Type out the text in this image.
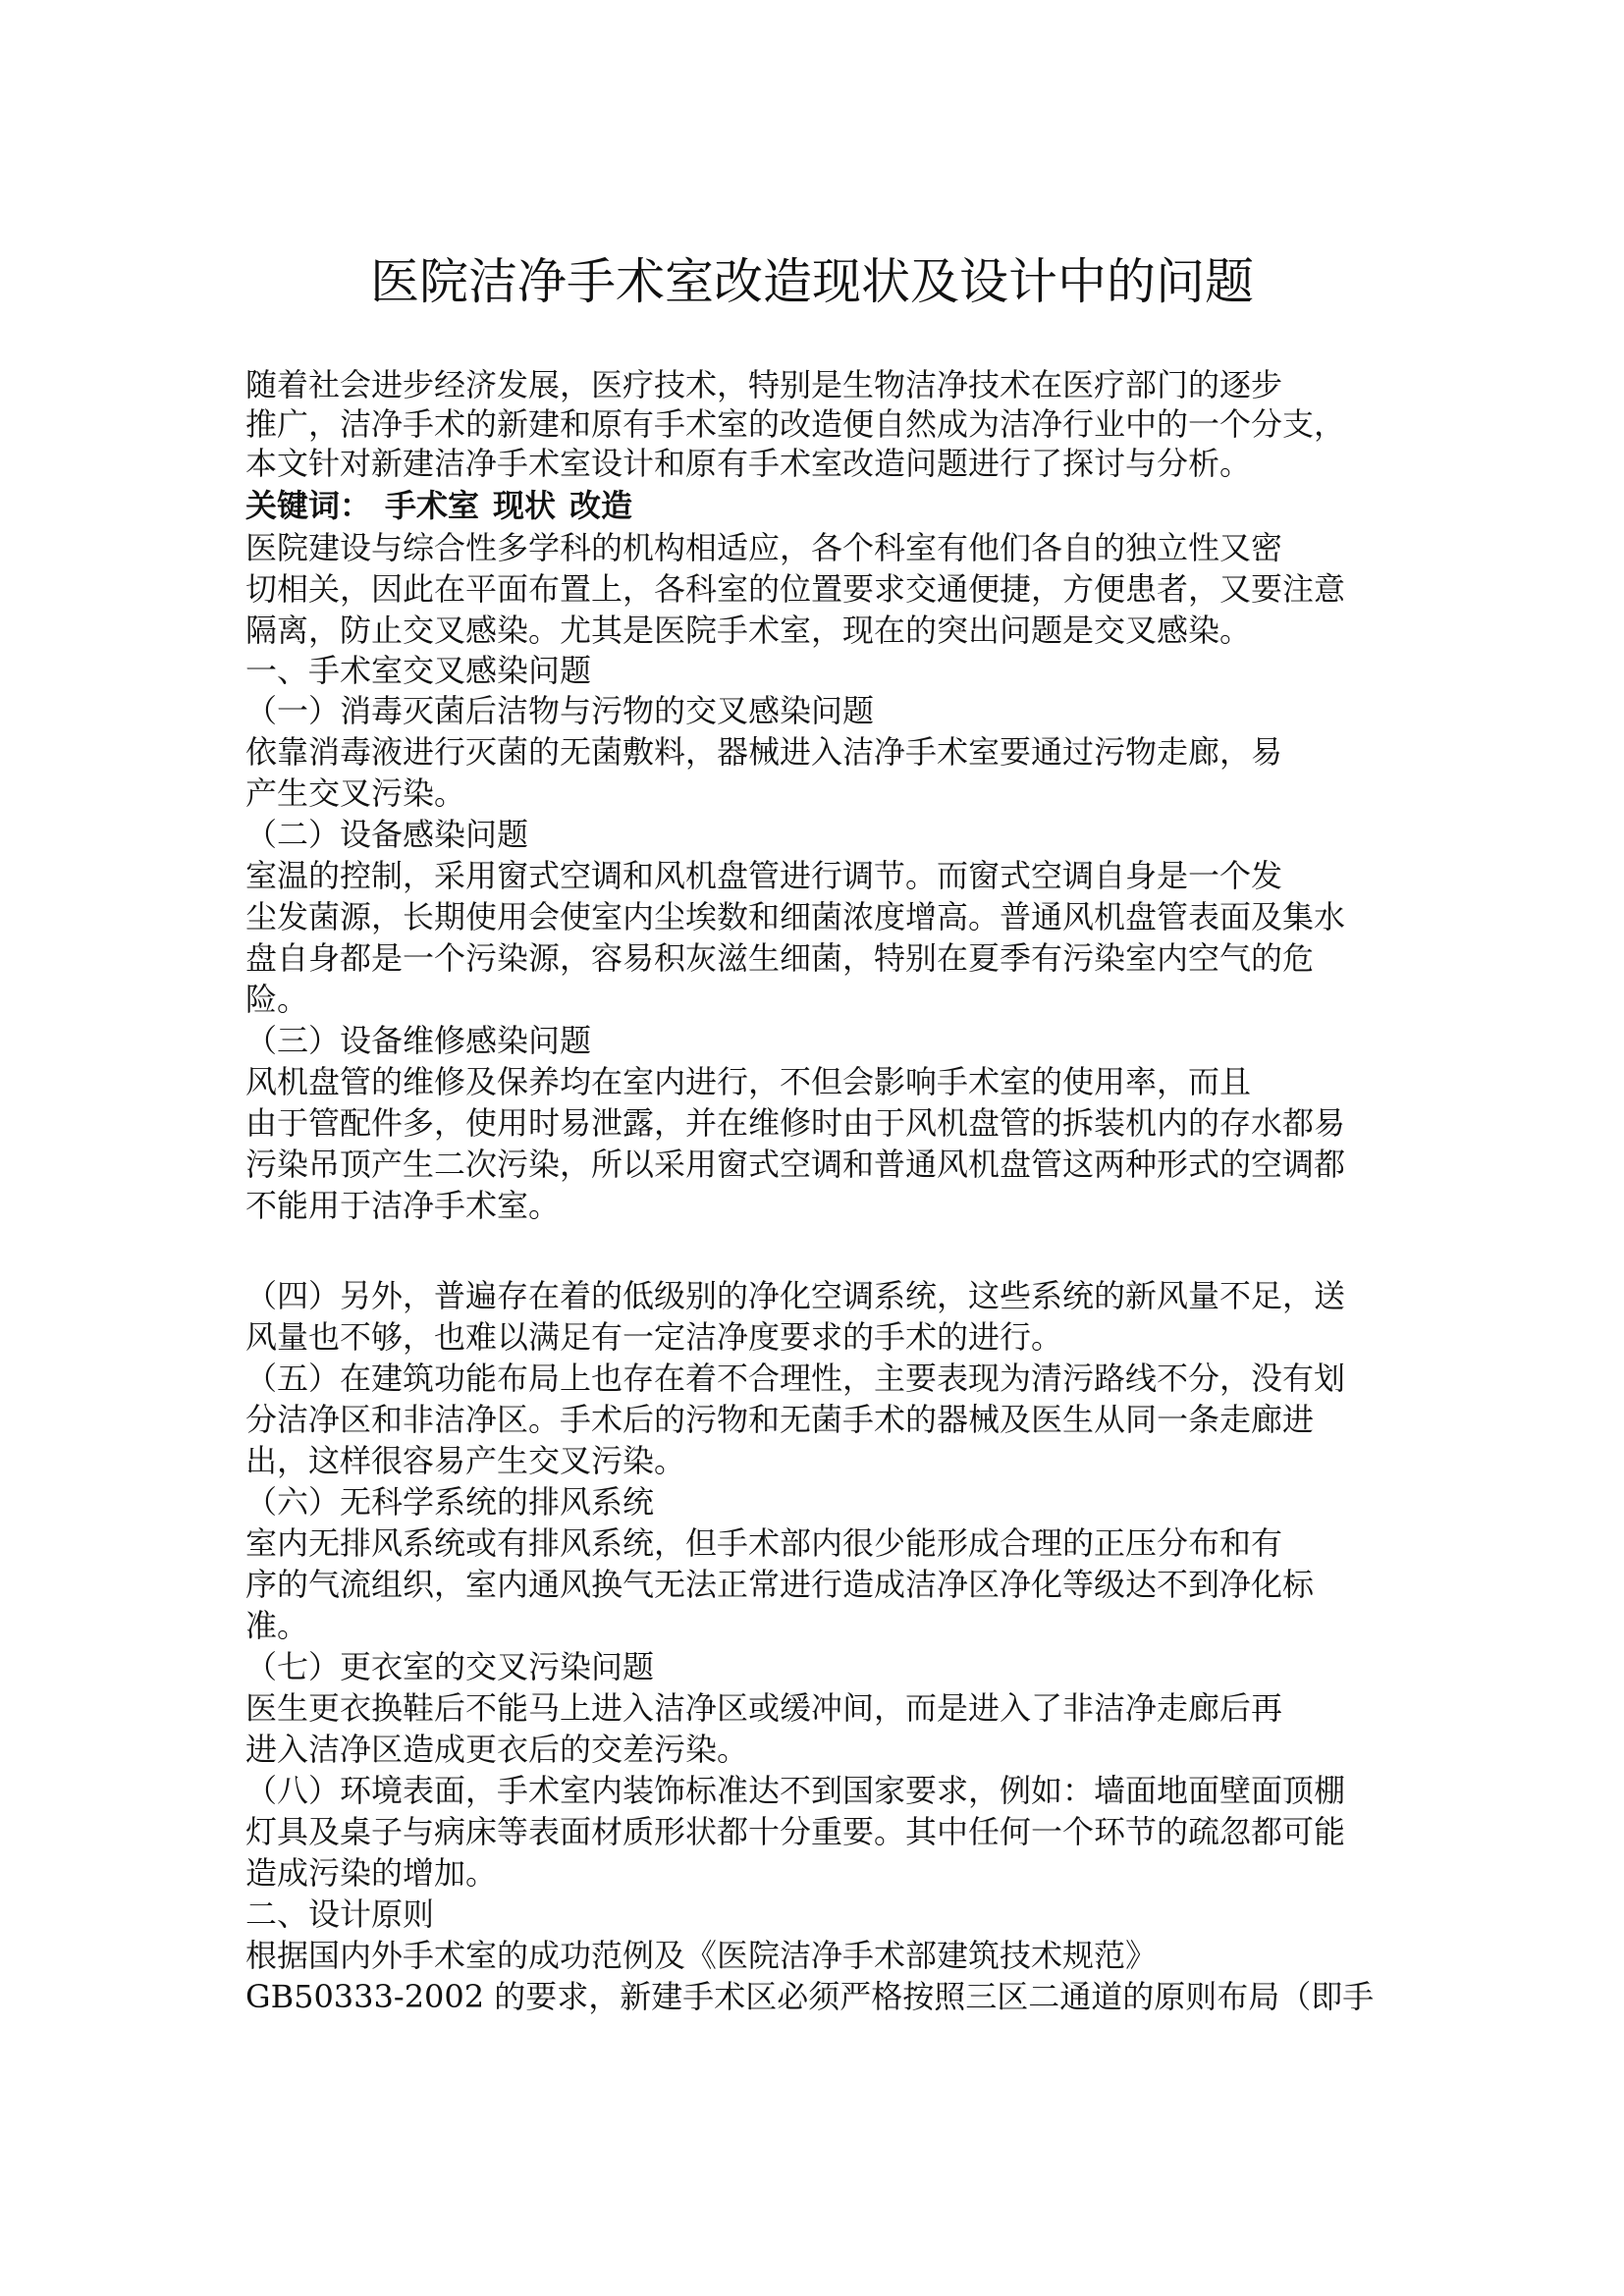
医院洁净手术室改造现状及设计中的问题

随着社会进步经济发展，医疗技术，特别是生物洁净技术在医疗部门的逐步

推广，洁净手术的新建和原有手术室的改造便自然成为洁净行业中的一个分支，

本文针对新建洁净手术室设计和原有手术室改造问题进行了探讨与分析。

关键词： 手术室 现状 改造

医院建设与综合性多学科的机构相适应，各个科室有他们各自的独立性又密

切相关，因此在平面布置上，各科室的位置要求交通便捷，方便患者，又要注意

隔离，防止交叉感染。尤其是医院手术室，现在的突出问题是交叉感染。

一、手术室交叉感染问题

（一）消毒灭菌后洁物与污物的交叉感染问题

依靠消毒液进行灭菌的无菌敷料，器械进入洁净手术室要通过污物走廊，易

产生交叉污染。

（二）设备感染问题

室温的控制，采用窗式空调和风机盘管进行调节。而窗式空调自身是一个发

尘发菌源，长期使用会使室内尘埃数和细菌浓度增高。普通风机盘管表面及集水

盘自身都是一个污染源，容易积灰滋生细菌，特别在夏季有污染室内空气的危

险。

（三）设备维修感染问题

风机盘管的维修及保养均在室内进行，不但会影响手术室的使用率，而且

由于管配件多，使用时易泄露，并在维修时由于风机盘管的拆装机内的存水都易

污染吊顶产生二次污染，所以采用窗式空调和普通风机盘管这两种形式的空调都

不能用于洁净手术室。

（四）另外，普遍存在着的低级别的净化空调系统，这些系统的新风量不足，送

风量也不够，也难以满足有一定洁净度要求的手术的进行。

（五）在建筑功能布局上也存在着不合理性，主要表现为清污路线不分，没有划

分洁净区和非洁净区。手术后的污物和无菌手术的器械及医生从同一条走廊进

出，这样很容易产生交叉污染。

（六）无科学系统的排风系统

室内无排风系统或有排风系统，但手术部内很少能形成合理的正压分布和有

序的气流组织，室内通风换气无法正常进行造成洁净区净化等级达不到净化标

准。

（七）更衣室的交叉污染问题

医生更衣换鞋后不能马上进入洁净区或缓冲间，而是进入了非洁净走廊后再

进入洁净区造成更衣后的交差污染。

（八）环境表面，手术室内装饰标准达不到国家要求，例如：墙面地面壁面顶棚

灯具及桌子与病床等表面材质形状都十分重要。其中任何一个环节的疏忽都可能

造成污染的增加。

二、设计原则

根据国内外手术室的成功范例及《医院洁净手术部建筑技术规范》

GB50333-2002 的要求，新建手术区必须严格按照三区二通道的原则布局（即手
